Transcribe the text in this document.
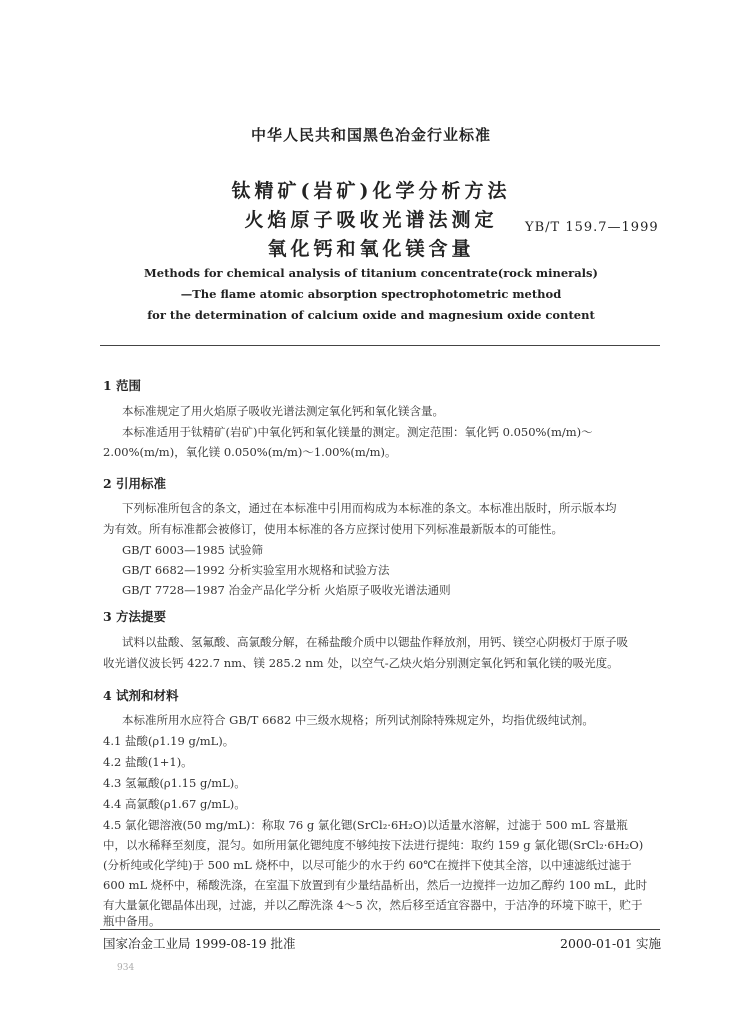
中华人民共和国黑色冶金行业标准
钛精矿(岩矿)化学分析方法
火焰原子吸收光谱法测定
氧化钙和氧化镁含量
YB/T 159.7—1999
Methods for chemical analysis of titanium concentrate(rock minerals)
—The flame atomic absorption spectrophotometric method
for the determination of calcium oxide and magnesium oxide content
1 范围
本标准规定了用火焰原子吸收光谱法测定氧化钙和氧化镁含量。
本标准适用于钛精矿(岩矿)中氧化钙和氧化镁量的测定。测定范围：氧化钙 0.050%(m/m)～
2.00%(m/m)，氧化镁 0.050%(m/m)～1.00%(m/m)。
2 引用标准
下列标准所包含的条文，通过在本标准中引用而构成为本标准的条文。本标准出版时，所示版本均
为有效。所有标准都会被修订，使用本标准的各方应探讨使用下列标准最新版本的可能性。
GB/T 6003—1985 试验筛
GB/T 6682—1992 分析实验室用水规格和试验方法
GB/T 7728—1987 冶金产品化学分析 火焰原子吸收光谱法通则
3 方法提要
试料以盐酸、氢氟酸、高氯酸分解，在稀盐酸介质中以锶盐作释放剂，用钙、镁空心阴极灯于原子吸
收光谱仪波长钙 422.7 nm、镁 285.2 nm 处，以空气-乙炔火焰分别测定氧化钙和氧化镁的吸光度。
4 试剂和材料
本标准所用水应符合 GB/T 6682 中三级水规格；所列试剂除特殊规定外，均指优级纯试剂。
4.1 盐酸(ρ1.19 g/mL)。
4.2 盐酸(1+1)。
4.3 氢氟酸(ρ1.15 g/mL)。
4.4 高氯酸(ρ1.67 g/mL)。
4.5 氯化锶溶液(50 mg/mL)：称取 76 g 氯化锶(SrCl₂·6H₂O)以适量水溶解，过滤于 500 mL 容量瓶
中，以水稀释至刻度，混匀。如所用氯化锶纯度不够纯按下法进行提纯：取约 159 g 氯化锶(SrCl₂·6H₂O)
(分析纯或化学纯)于 500 mL 烧杯中，以尽可能少的水于约 60℃在搅拌下使其全溶，以中速滤纸过滤于
600 mL 烧杯中，稀酸洗涤，在室温下放置到有少量结晶析出，然后一边搅拌一边加乙醇约 100 mL，此时
有大量氯化锶晶体出现，过滤，并以乙醇洗涤 4～5 次，然后移至适宜容器中，于洁净的环境下晾干，贮于
瓶中备用。
国家冶金工业局 1999-08-19 批准	2000-01-01 实施
934
